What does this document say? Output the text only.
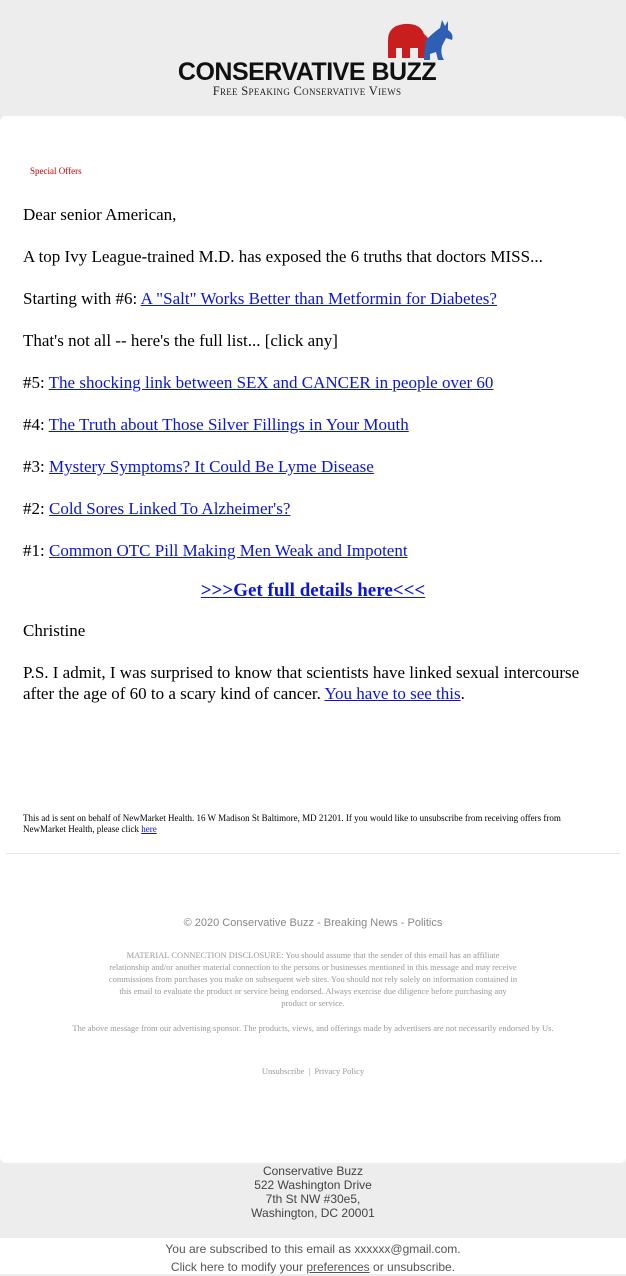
CONSERVATIVE BUZZ
Free Speaking Conservative Views
Special Offers
Dear senior American,
A top Ivy League-trained M.D. has exposed the 6 truths that doctors MISS...
Starting with #6: A "Salt" Works Better than Metformin for Diabetes?
That's not all -- here's the full list... [click any]
#5: The shocking link between SEX and CANCER in people over 60
#4: The Truth about Those Silver Fillings in Your Mouth
#3: Mystery Symptoms? It Could Be Lyme Disease
#2: Cold Sores Linked To Alzheimer's?
#1: Common OTC Pill Making Men Weak and Impotent
>>>Get full details here<<<
Christine
P.S. I admit, I was surprised to know that scientists have linked sexual intercourse after the age of 60 to a scary kind of cancer. You have to see this.
This ad is sent on behalf of NewMarket Health. 16 W Madison St Baltimore, MD 21201. If you would like to unsubscribe from receiving offers from NewMarket Health, please click here
© 2020 Conservative Buzz - Breaking News - Politics
MATERIAL CONNECTION DISCLOSURE: You should assume that the sender of this email has an affiliate relationship and/or another material connection to the persons or businesses mentioned in this message and may receive commissions from purchases you make on subsequent web sites. You should not rely solely on information contained in this email to evaluate the product or service being endorsed. Always exercise due diligence before purchasing any product or service.
The above message from our advertising sponsor. The products, views, and offerings made by advertisers are not necessarily endorsed by Us.
Unsubscribe | Privacy Policy
Conservative Buzz
522 Washington Drive
7th St NW #30e5,
Washington, DC 20001
You are subscribed to this email as xxxxxx@gmail.com.
Click here to modify your preferences or unsubscribe.
